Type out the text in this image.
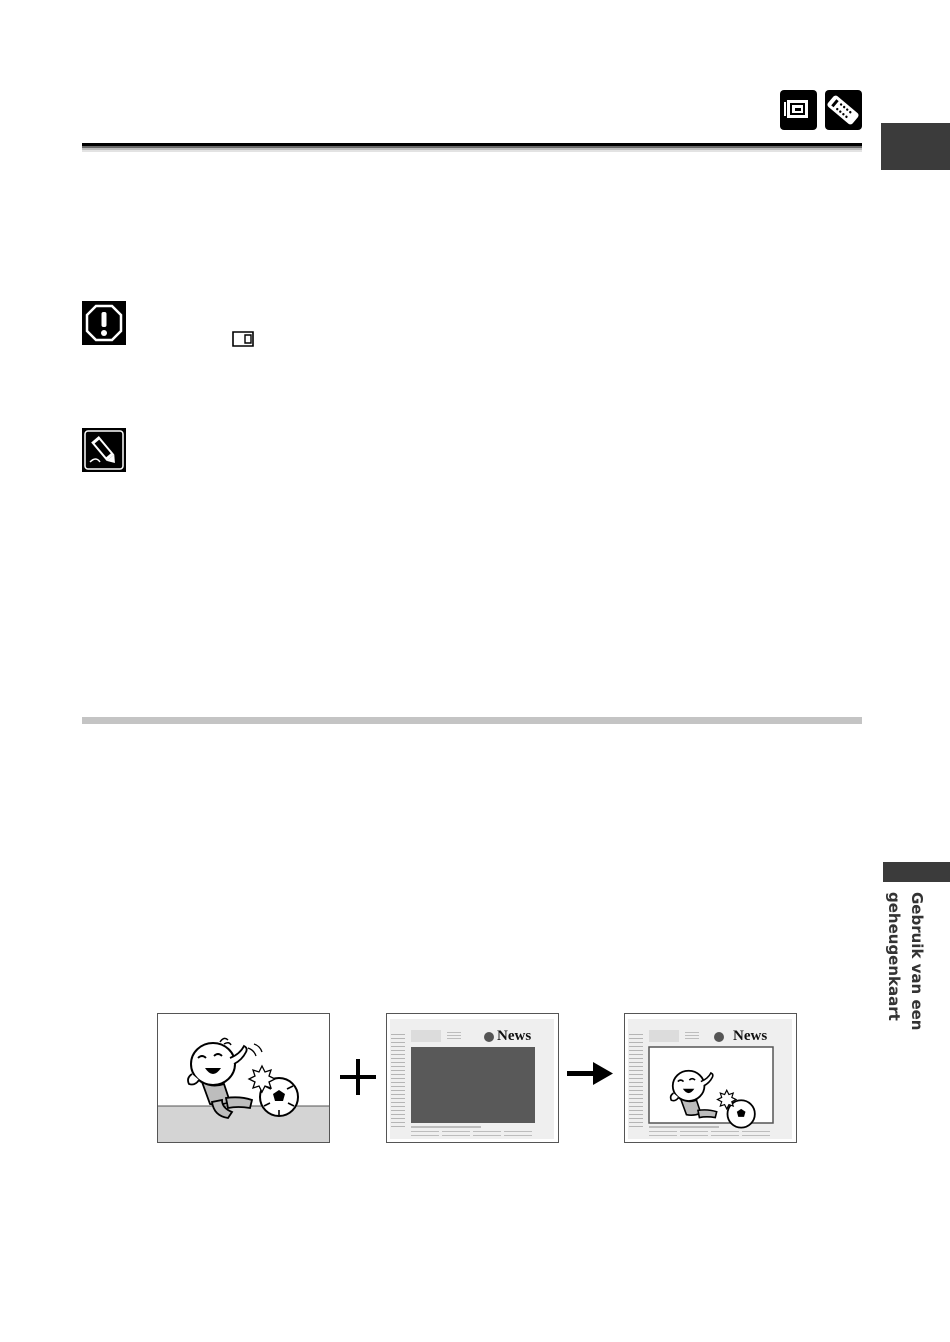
Gebruik van een
geheugenkaart
News	News
